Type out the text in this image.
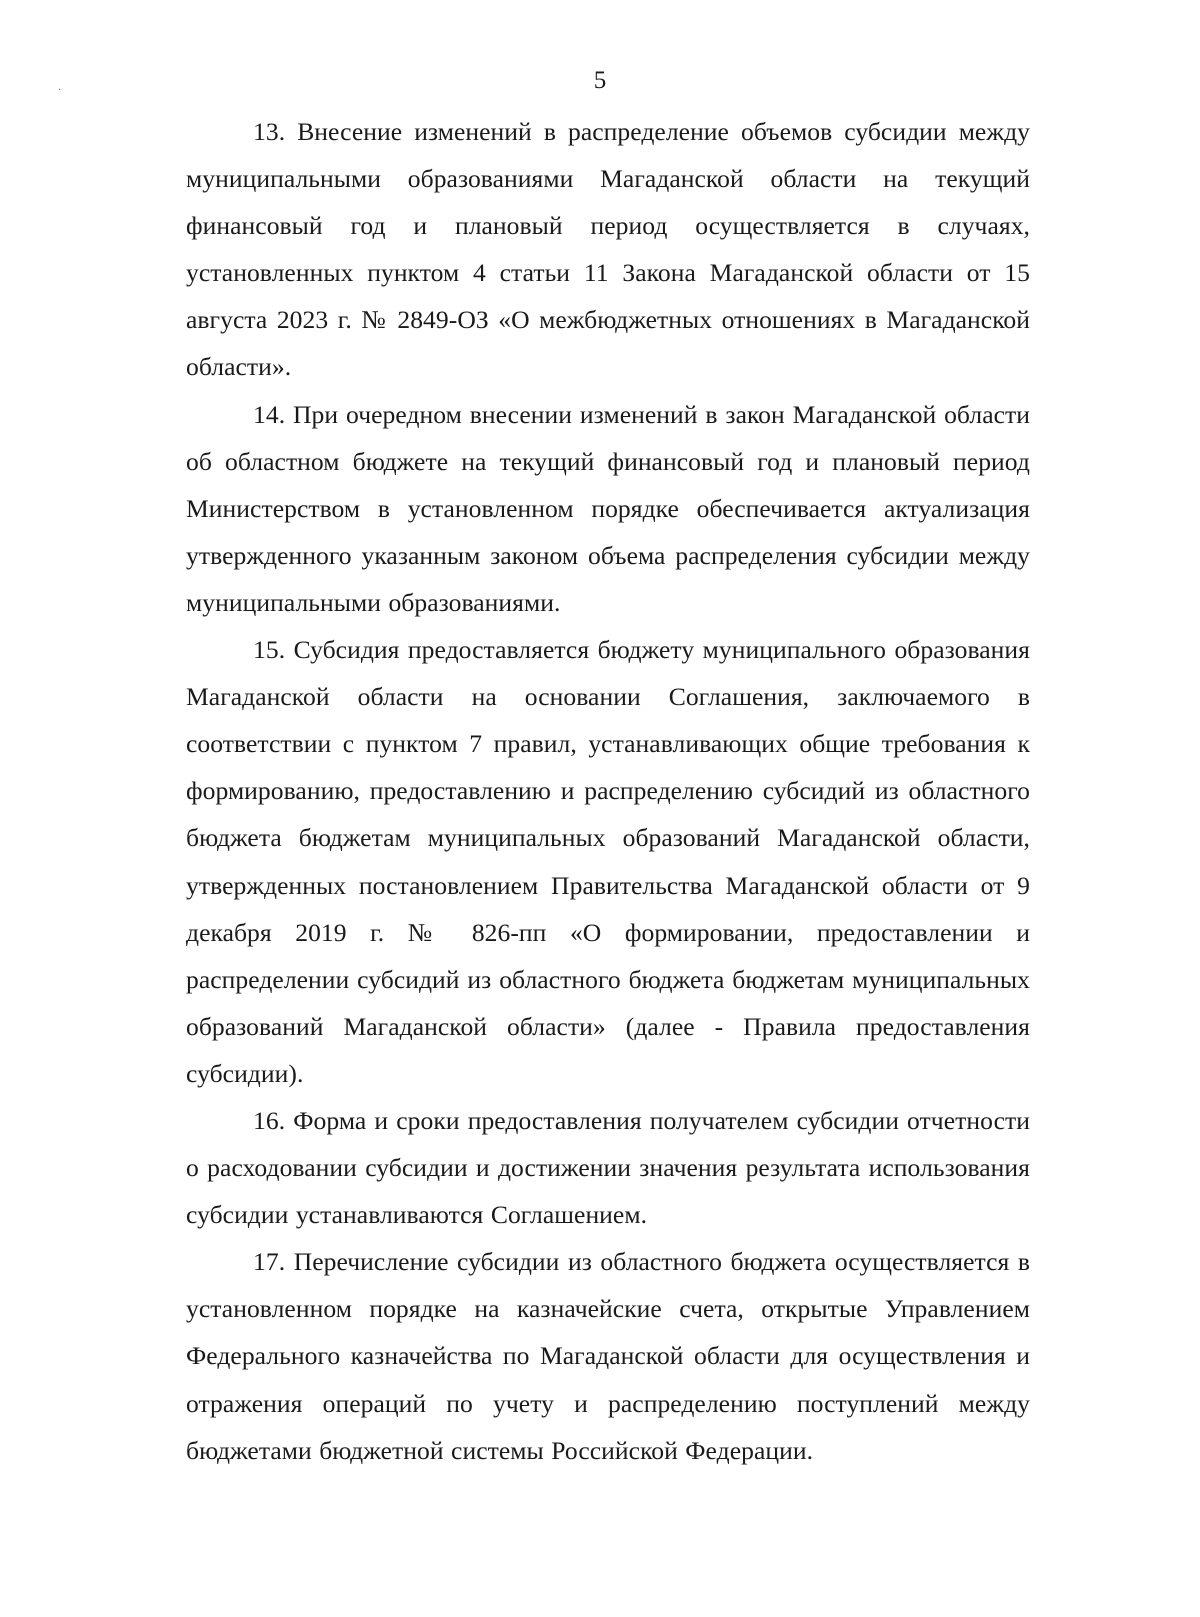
·	5

13. Внесение изменений в распределение объемов субсидии между муниципальными образованиями Магаданской области на текущий финансовый год и плановый период осуществляется в случаях, установленных пунктом 4 статьи 11 Закона Магаданской области от 15 августа 2023 г. № 2849-ОЗ «О межбюджетных отношениях в Магаданской области».

14. При очередном внесении изменений в закон Магаданской области об областном бюджете на текущий финансовый год и плановый период Министерством в установленном порядке обеспечивается актуализация утвержденного указанным законом объема распределения субсидии между муниципальными образованиями.

15. Субсидия предоставляется бюджету муниципального образования Магаданской области на основании Соглашения, заключаемого в соответствии с пунктом 7 правил, устанавливающих общие требования к формированию, предоставлению и распределению субсидий из областного бюджета бюджетам муниципальных образований Магаданской области, утвержденных постановлением Правительства Магаданской области от 9 декабря 2019 г. № 826-пп «О формировании, предоставлении и распределении субсидий из областного бюджета бюджетам муниципальных образований Магаданской области» (далее - Правила предоставления субсидии).

16. Форма и сроки предоставления получателем субсидии отчетности о расходовании субсидии и достижении значения результата использования субсидии устанавливаются Соглашением.

17. Перечисление субсидии из областного бюджета осуществляется в установленном порядке на казначейские счета, открытые Управлением Федерального казначейства по Магаданской области для осуществления и отражения операций по учету и распределению поступлений между бюджетами бюджетной системы Российской Федерации.
